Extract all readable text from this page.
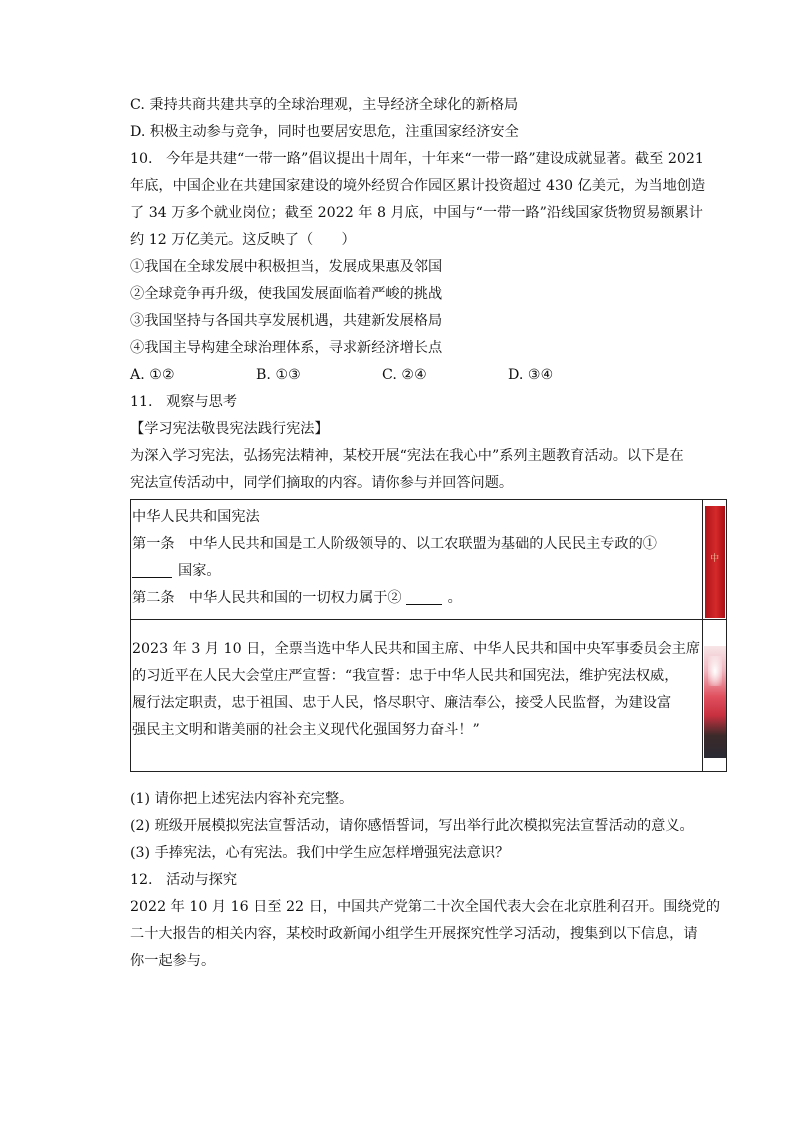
C. 秉持共商共建共享的全球治理观，主导经济全球化的新格局
D. 积极主动参与竞争，同时也要居安思危，注重国家经济安全
10. 今年是共建“一带一路”倡议提出十周年，十年来“一带一路”建设成就显著。截至 2021
年底，中国企业在共建国家建设的境外经贸合作园区累计投资超过 430 亿美元，为当地创造
了 34 万多个就业岗位；截至 2022 年 8 月底，中国与“一带一路”沿线国家货物贸易额累计
约 12 万亿美元。这反映了（　　）
①我国在全球发展中积极担当，发展成果惠及邻国
②全球竞争再升级，使我国发展面临着严峻的挑战
③我国坚持与各国共享发展机遇，共建新发展格局
④我国主导构建全球治理体系，寻求新经济增长点
A. ①②	B. ①③	C. ②④	D. ③④
11. 观察与思考
【学习宪法敬畏宪法践行宪法】
为深入学习宪法，弘扬宪法精神，某校开展“宪法在我心中”系列主题教育活动。以下是在
宪法宣传活动中，同学们摘取的内容。请你参与并回答问题。
中华人民共和国宪法
第一条　中华人民共和国是工人阶级领导的、以工农联盟为基础的人民民主专政的①
国家。
第二条　中华人民共和国的一切权力属于② 。	中

2023 年 3 月 10 日，全票当选中华人民共和国主席、中华人民共和国中央军事委员会主席
的习近平在人民大会堂庄严宣誓：“我宣誓：忠于中华人民共和国宪法，维护宪法权威，
履行法定职责，忠于祖国、忠于人民，恪尽职守、廉洁奉公，接受人民监督，为建设富
强民主文明和谐美丽的社会主义现代化强国努力奋斗！”	

(1) 请你把上述宪法内容补充完整。
(2) 班级开展模拟宪法宣誓活动，请你感悟誓词，写出举行此次模拟宪法宣誓活动的意义。
(3) 手捧宪法，心有宪法。我们中学生应怎样增强宪法意识？
12. 活动与探究
2022 年 10 月 16 日至 22 日，中国共产党第二十次全国代表大会在北京胜利召开。围绕党的
二十大报告的相关内容，某校时政新闻小组学生开展探究性学习活动，搜集到以下信息，请
你一起参与。
